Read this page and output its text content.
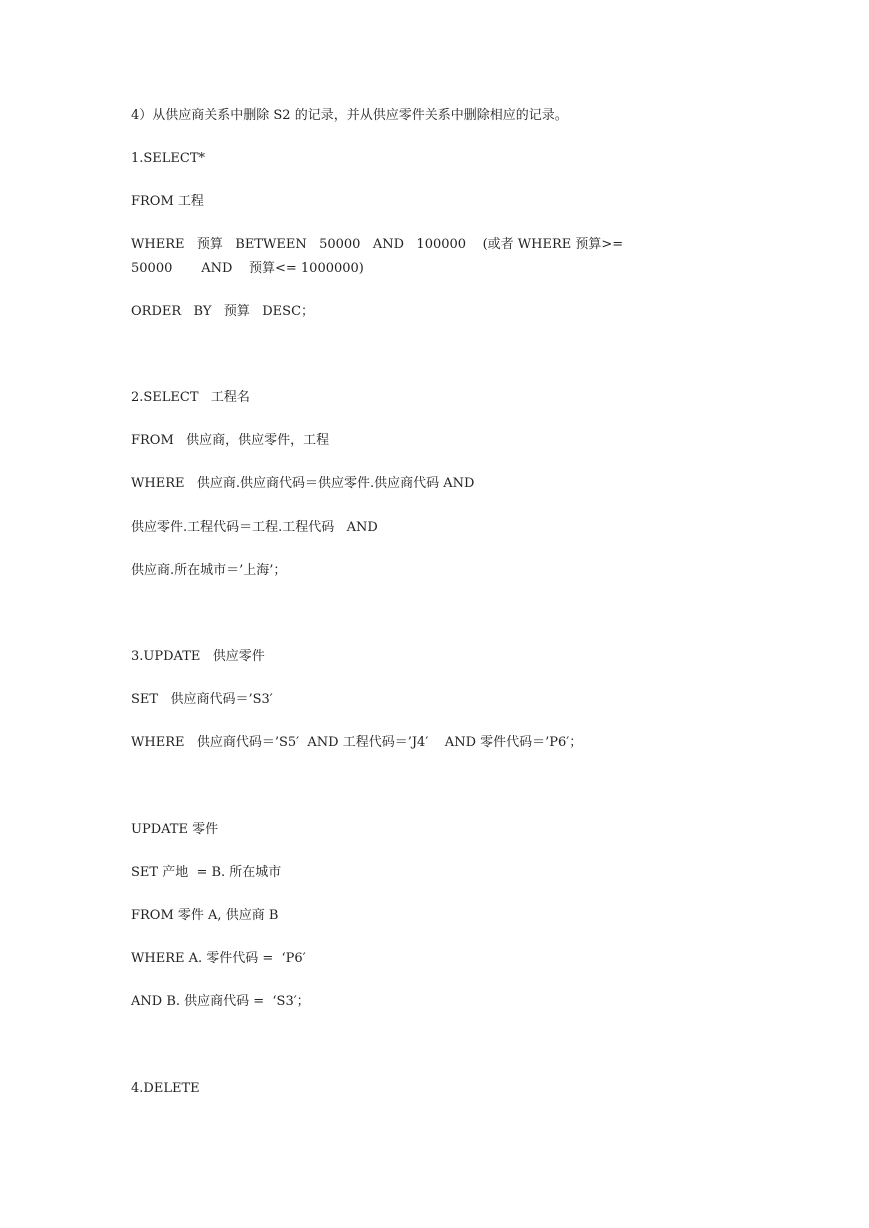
4）从供应商关系中删除 S2 的记录，并从供应零件关系中删除相应的记录。
1.SELECT*
FROM 工程
WHERE   预算   BETWEEN   50000   AND   100000    (或者 WHERE 预算>=
50000       AND    预算<= 1000000)
ORDER   BY   预算   DESC；
2.SELECT   工程名
FROM   供应商，供应零件，工程
WHERE   供应商.供应商代码＝供应零件.供应商代码 AND
供应零件.工程代码＝工程.工程代码   AND
供应商.所在城市＝’上海’；
3.UPDATE   供应零件
SET   供应商代码＝’S3′
WHERE   供应商代码＝’S5′  AND 工程代码＝’J4′    AND 零件代码＝’P6′；
UPDATE 零件
SET 产地  = B. 所在城市
FROM 零件 A, 供应商 B
WHERE A. 零件代码 =  ‘P6′
AND B. 供应商代码 =  ‘S3′；
4.DELETE
